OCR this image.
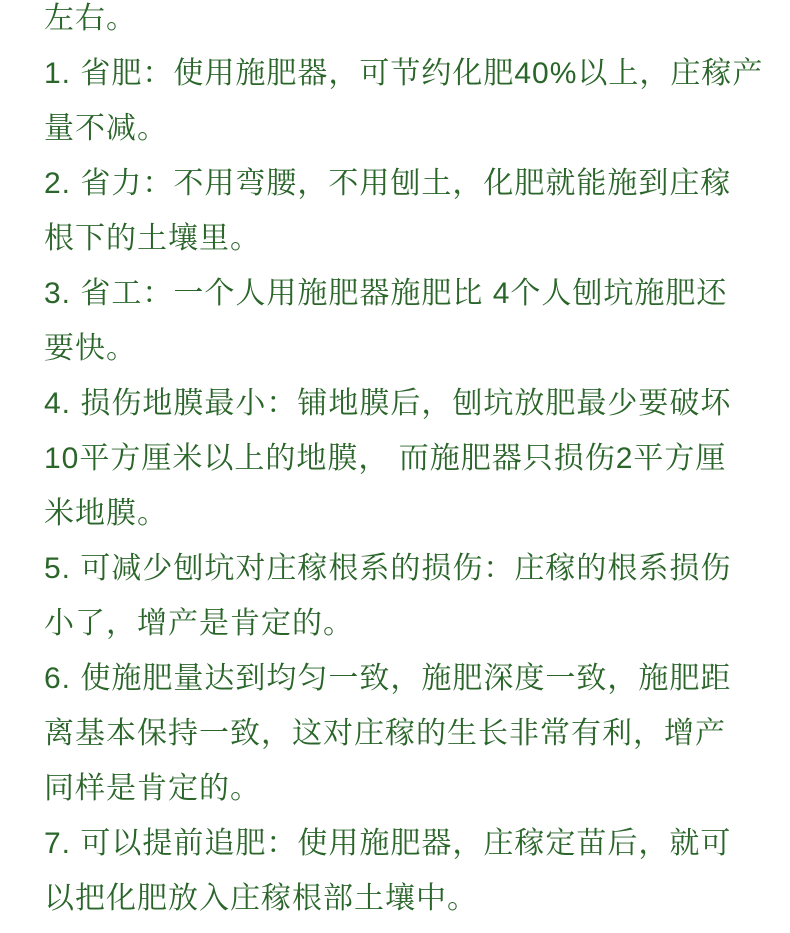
左右。
1. 省肥：使用施肥器，可节约化肥40%以上，庄稼产
量不减。
2. 省力：不用弯腰，不用刨土，化肥就能施到庄稼
根下的土壤里。
3. 省工：一个人用施肥器施肥比 4个人刨坑施肥还
要快。
4. 损伤地膜最小：铺地膜后，刨坑放肥最少要破坏
10平方厘米以上的地膜， 而施肥器只损伤2平方厘
米地膜。
5. 可减少刨坑对庄稼根系的损伤：庄稼的根系损伤
小了，增产是肯定的。
6. 使施肥量达到均匀一致，施肥深度一致，施肥距
离基本保持一致，这对庄稼的生长非常有利，增产
同样是肯定的。
7. 可以提前追肥：使用施肥器，庄稼定苗后，就可
以把化肥放入庄稼根部土壤中。
